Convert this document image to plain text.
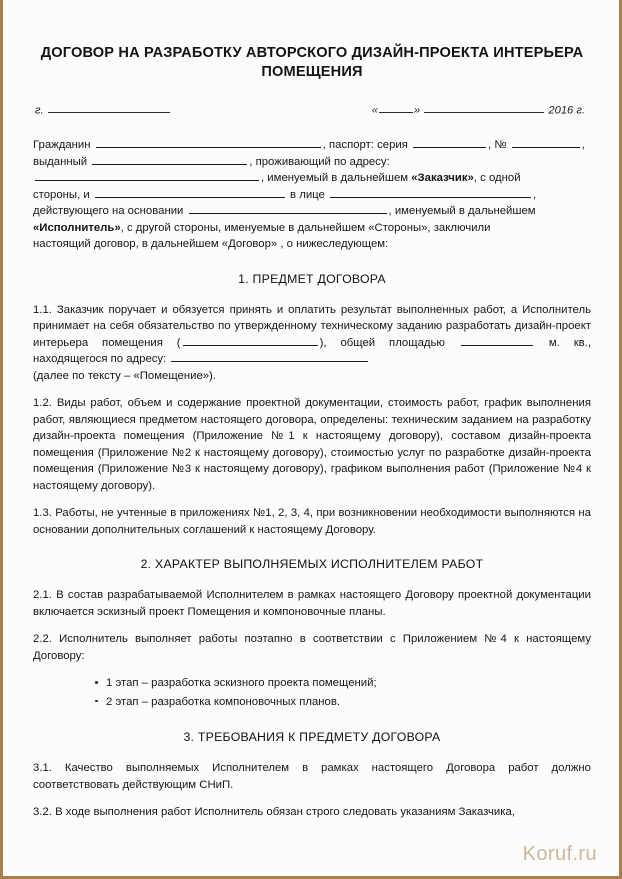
ДОГОВОР НА РАЗРАБОТКУ АВТОРСКОГО ДИЗАЙН-ПРОЕКТА ИНТЕРЬЕРА ПОМЕЩЕНИЯ
г.	«	»	2016 г.

Гражданин	, паспорт: серия	, №	,
выданный	, проживающий по адресу:
, именуемый в дальнейшем «Заказчик», с одной
стороны, и	в лице	,
действующего на основании	, именуемый в дальнейшем
«Исполнитель», с другой стороны, именуемые в дальнейшем «Стороны», заключили
настоящий договор, в дальнейшем «Договор» , о нижеследующем:

1. ПРЕДМЕТ ДОГОВОРА

1.1. Заказчик поручает и обязуется принять и оплатить результат выполненных работ, а Исполнитель принимает на себя обязательство по утвержденному техническому заданию разработать дизайн-проект интерьера помещения (	), общей площадью	м. кв., находящегося по адресу:
(далее по тексту – «Помещение»).

1.2. Виды работ, объем и содержание проектной документации, стоимость работ, график выполнения работ, являющиеся предметом настоящего договора, определены: техническим заданием на разработку дизайн-проекта помещения (Приложение №1 к настоящему договору), составом дизайн-проекта помещения (Приложение №2 к настоящему договору), стоимостью услуг по разработке дизайн-проекта помещения (Приложение №3 к настоящему договору), графиком выполнения работ (Приложение №4 к настоящему договору).

1.3. Работы, не учтенные в приложениях №1, 2, 3, 4, при возникновении необходимости выполняются на основании дополнительных соглашений к настоящему Договору.

2. ХАРАКТЕР ВЫПОЛНЯЕМЫХ ИСПОЛНИТЕЛЕМ РАБОТ

2.1. В состав разрабатываемой Исполнителем в рамках настоящего Договору проектной документации включается эскизный проект Помещения и компоновочные планы.

2.2. Исполнитель выполняет работы поэтапно в соответствии с Приложением №4 к настоящему Договору:

1 этап – разработка эскизного проекта помещений;
2 этап – разработка компоновочных планов.
3. ТРЕБОВАНИЯ К ПРЕДМЕТУ ДОГОВОРА

3.1. Качество выполняемых Исполнителем в рамках настоящего Договора работ должно соответствовать действующим СНиП.

3.2. В ходе выполнения работ Исполнитель обязан строго следовать указаниям Заказчика,

Koruf.ru
